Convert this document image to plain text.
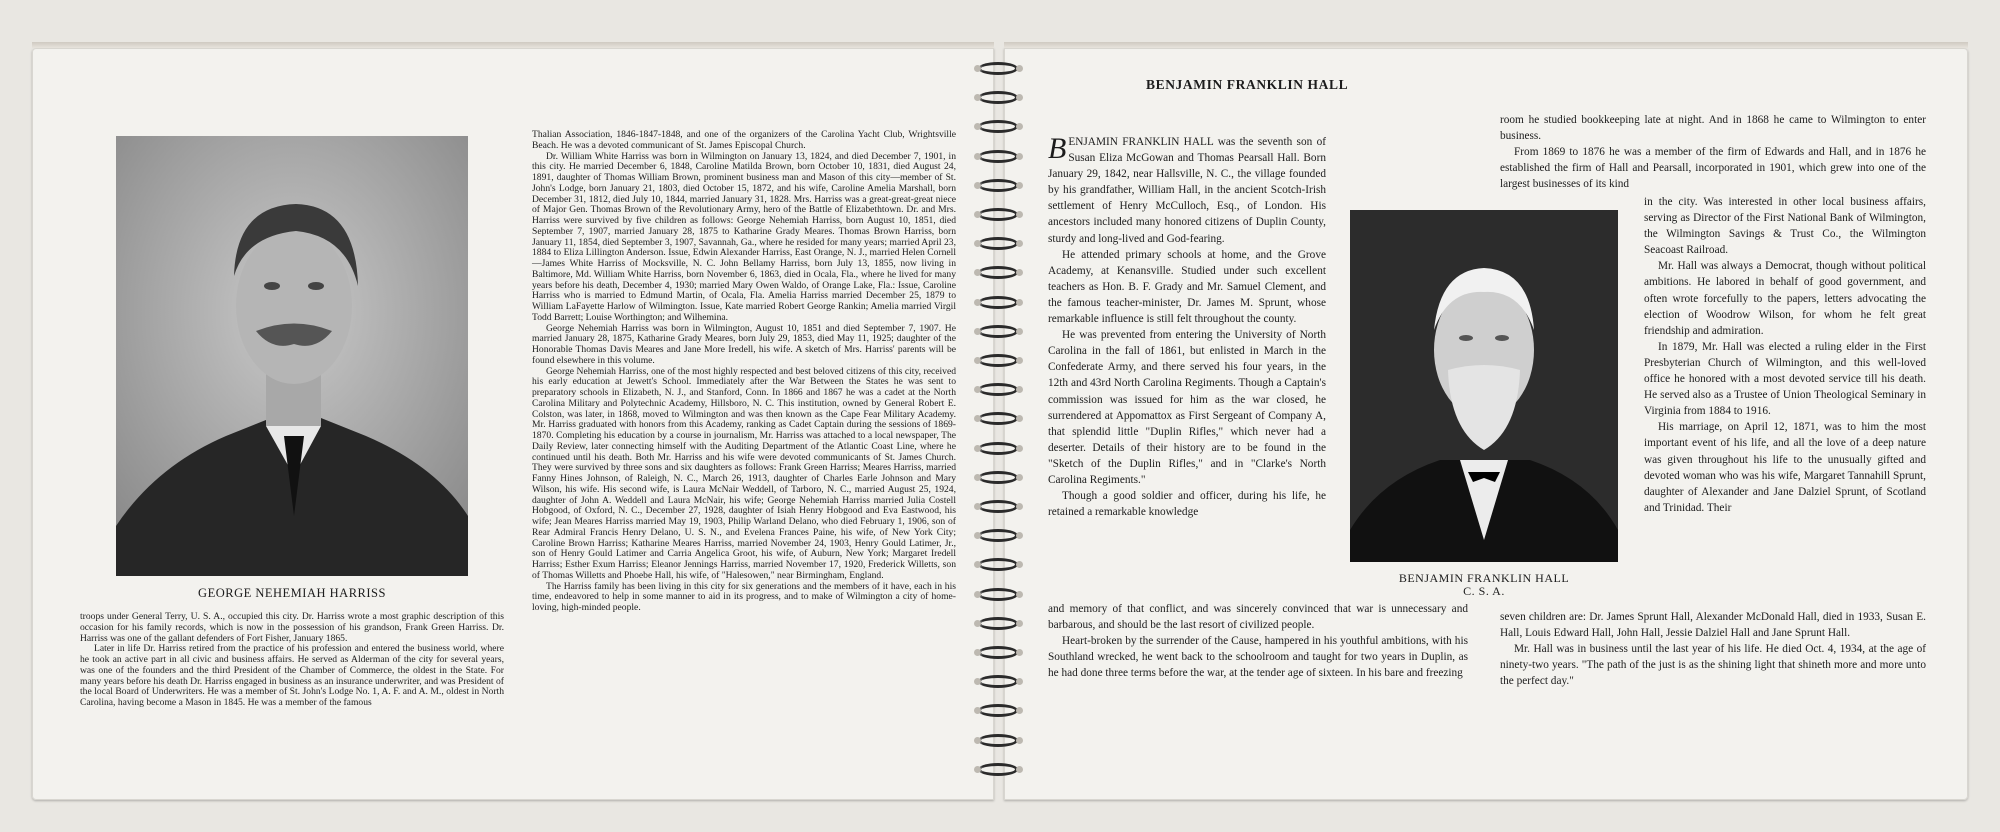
GEORGE NEHEMIAH HARRISS

troops under General Terry, U. S. A., occupied this city. Dr. Harriss wrote a most graphic description of this occasion for his family records, which is now in the possession of his grandson, Frank Green Harriss. Dr. Harriss was one of the gallant defenders of Fort Fisher, January 1865.

Later in life Dr. Harriss retired from the practice of his profession and entered the business world, where he took an active part in all civic and business affairs. He served as Alderman of the city for several years, was one of the founders and the third President of the Chamber of Commerce, the oldest in the State. For many years before his death Dr. Harriss engaged in business as an insurance underwriter, and was President of the local Board of Underwriters. He was a member of St. John's Lodge No. 1, A. F. and A. M., oldest in North Carolina, having become a Mason in 1845. He was a member of the famous

Thalian Association, 1846-1847-1848, and one of the organizers of the Carolina Yacht Club, Wrightsville Beach. He was a devoted communicant of St. James Episcopal Church.

Dr. William White Harriss was born in Wilmington on January 13, 1824, and died December 7, 1901, in this city. He married December 6, 1848, Caroline Matilda Brown, born October 10, 1831, died August 24, 1891, daughter of Thomas William Brown, prominent business man and Mason of this city—member of St. John's Lodge, born January 21, 1803, died October 15, 1872, and his wife, Caroline Amelia Marshall, born December 31, 1812, died July 10, 1844, married January 31, 1828. Mrs. Harriss was a great-great-great niece of Major Gen. Thomas Brown of the Revolutionary Army, hero of the Battle of Elizabethtown. Dr. and Mrs. Harriss were survived by five children as follows: George Nehemiah Harriss, born August 10, 1851, died September 7, 1907, married January 28, 1875 to Katharine Grady Meares. Thomas Brown Harriss, born January 11, 1854, died September 3, 1907, Savannah, Ga., where he resided for many years; married April 23, 1884 to Eliza Lillington Anderson. Issue, Edwin Alexander Harriss, East Orange, N. J., married Helen Cornell—James White Harriss of Mocksville, N. C. John Bellamy Harriss, born July 13, 1855, now living in Baltimore, Md. William White Harriss, born November 6, 1863, died in Ocala, Fla., where he lived for many years before his death, December 4, 1930; married Mary Owen Waldo, of Orange Lake, Fla.: Issue, Caroline Harriss who is married to Edmund Martin, of Ocala, Fla. Amelia Harriss married December 25, 1879 to William LaFayette Harlow of Wilmington. Issue, Kate married Robert George Rankin; Amelia married Virgil Todd Barrett; Louise Worthington; and Wilhemina.

George Nehemiah Harriss was born in Wilmington, August 10, 1851 and died September 7, 1907. He married January 28, 1875, Katharine Grady Meares, born July 29, 1853, died May 11, 1925; daughter of the Honorable Thomas Davis Meares and Jane More Iredell, his wife. A sketch of Mrs. Harriss' parents will be found elsewhere in this volume.

George Nehemiah Harriss, one of the most highly respected and best beloved citizens of this city, received his early education at Jewett's School. Immediately after the War Between the States he was sent to preparatory schools in Elizabeth, N. J., and Stanford, Conn. In 1866 and 1867 he was a cadet at the North Carolina Military and Polytechnic Academy, Hillsboro, N. C. This institution, owned by General Robert E. Colston, was later, in 1868, moved to Wilmington and was then known as the Cape Fear Military Academy. Mr. Harriss graduated with honors from this Academy, ranking as Cadet Captain during the sessions of 1869-1870. Completing his education by a course in journalism, Mr. Harriss was attached to a local newspaper, The Daily Review, later connecting himself with the Auditing Department of the Atlantic Coast Line, where he continued until his death. Both Mr. Harriss and his wife were devoted communicants of St. James Church. They were survived by three sons and six daughters as follows: Frank Green Harriss; Meares Harriss, married Fanny Hines Johnson, of Raleigh, N. C., March 26, 1913, daughter of Charles Earle Johnson and Mary Wilson, his wife. His second wife, is Laura McNair Weddell, of Tarboro, N. C., married August 25, 1924, daughter of John A. Weddell and Laura McNair, his wife; George Nehemiah Harriss married Julia Costell Hobgood, of Oxford, N. C., December 27, 1928, daughter of Isiah Henry Hobgood and Eva Eastwood, his wife; Jean Meares Harriss married May 19, 1903, Philip Warland Delano, who died February 1, 1906, son of Rear Admiral Francis Henry Delano, U. S. N., and Evelena Frances Paine, his wife, of New York City; Caroline Brown Harriss; Katharine Meares Harriss, married November 24, 1903, Henry Gould Latimer, Jr., son of Henry Gould Latimer and Carria Angelica Groot, his wife, of Auburn, New York; Margaret Iredell Harriss; Esther Exum Harriss; Eleanor Jennings Harriss, married November 17, 1920, Frederick Willetts, son of Thomas Willetts and Phoebe Hall, his wife, of "Halesowen," near Birmingham, England.

The Harriss family has been living in this city for six generations and the members of it have, each in his time, endeavored to help in some manner to aid in its progress, and to make of Wilmington a city of home-loving, high-minded people.

BENJAMIN FRANKLIN HALL

BENJAMIN FRANKLIN HALL was the seventh son of Susan Eliza McGowan and Thomas Pearsall Hall. Born January 29, 1842, near Hallsville, N. C., the village founded by his grandfather, William Hall, in the ancient Scotch-Irish settlement of Henry McCulloch, Esq., of London. His ancestors included many honored citizens of Duplin County, sturdy and long-lived and God-fearing.

He attended primary schools at home, and the Grove Academy, at Kenansville. Studied under such excellent teachers as Hon. B. F. Grady and Mr. Samuel Clement, and the famous teacher-minister, Dr. James M. Sprunt, whose remarkable influence is still felt throughout the county.

He was prevented from entering the University of North Carolina in the fall of 1861, but enlisted in March in the Confederate Army, and there served his four years, in the 12th and 43rd North Carolina Regiments. Though a Captain's commission was issued for him as the war closed, he surrendered at Appomattox as First Sergeant of Company A, that splendid little "Duplin Rifles," which never had a deserter. Details of their history are to be found in the "Sketch of the Duplin Rifles," and in "Clarke's North Carolina Regiments."

Though a good soldier and officer, during his life, he retained a remarkable knowledge

and memory of that conflict, and was sincerely convinced that war is unnecessary and barbarous, and should be the last resort of civilized people.

Heart-broken by the surrender of the Cause, hampered in his youthful ambitions, with his Southland wrecked, he went back to the schoolroom and taught for two years in Duplin, as he had done three terms before the war, at the tender age of sixteen. In his bare and freezing

BENJAMIN FRANKLIN HALL
C. S. A.

room he studied bookkeeping late at night. And in 1868 he came to Wilmington to enter business.

From 1869 to 1876 he was a member of the firm of Edwards and Hall, and in 1876 he established the firm of Hall and Pearsall, incorporated in 1901, which grew into one of the largest businesses of its kind

in the city. Was interested in other local business affairs, serving as Director of the First National Bank of Wilmington, the Wilmington Savings & Trust Co., the Wilmington Seacoast Railroad.

Mr. Hall was always a Democrat, though without political ambitions. He labored in behalf of good government, and often wrote forcefully to the papers, letters advocating the election of Woodrow Wilson, for whom he felt great friendship and admiration.

In 1879, Mr. Hall was elected a ruling elder in the First Presbyterian Church of Wilmington, and this well-loved office he honored with a most devoted service till his death. He served also as a Trustee of Union Theological Seminary in Virginia from 1884 to 1916.

His marriage, on April 12, 1871, was to him the most important event of his life, and all the love of a deep nature was given throughout his life to the unusually gifted and devoted woman who was his wife, Margaret Tannahill Sprunt, daughter of Alexander and Jane Dalziel Sprunt, of Scotland and Trinidad. Their

seven children are: Dr. James Sprunt Hall, Alexander McDonald Hall, died in 1933, Susan E. Hall, Louis Edward Hall, John Hall, Jessie Dalziel Hall and Jane Sprunt Hall.

Mr. Hall was in business until the last year of his life. He died Oct. 4, 1934, at the age of ninety-two years. "The path of the just is as the shining light that shineth more and more unto the perfect day."
